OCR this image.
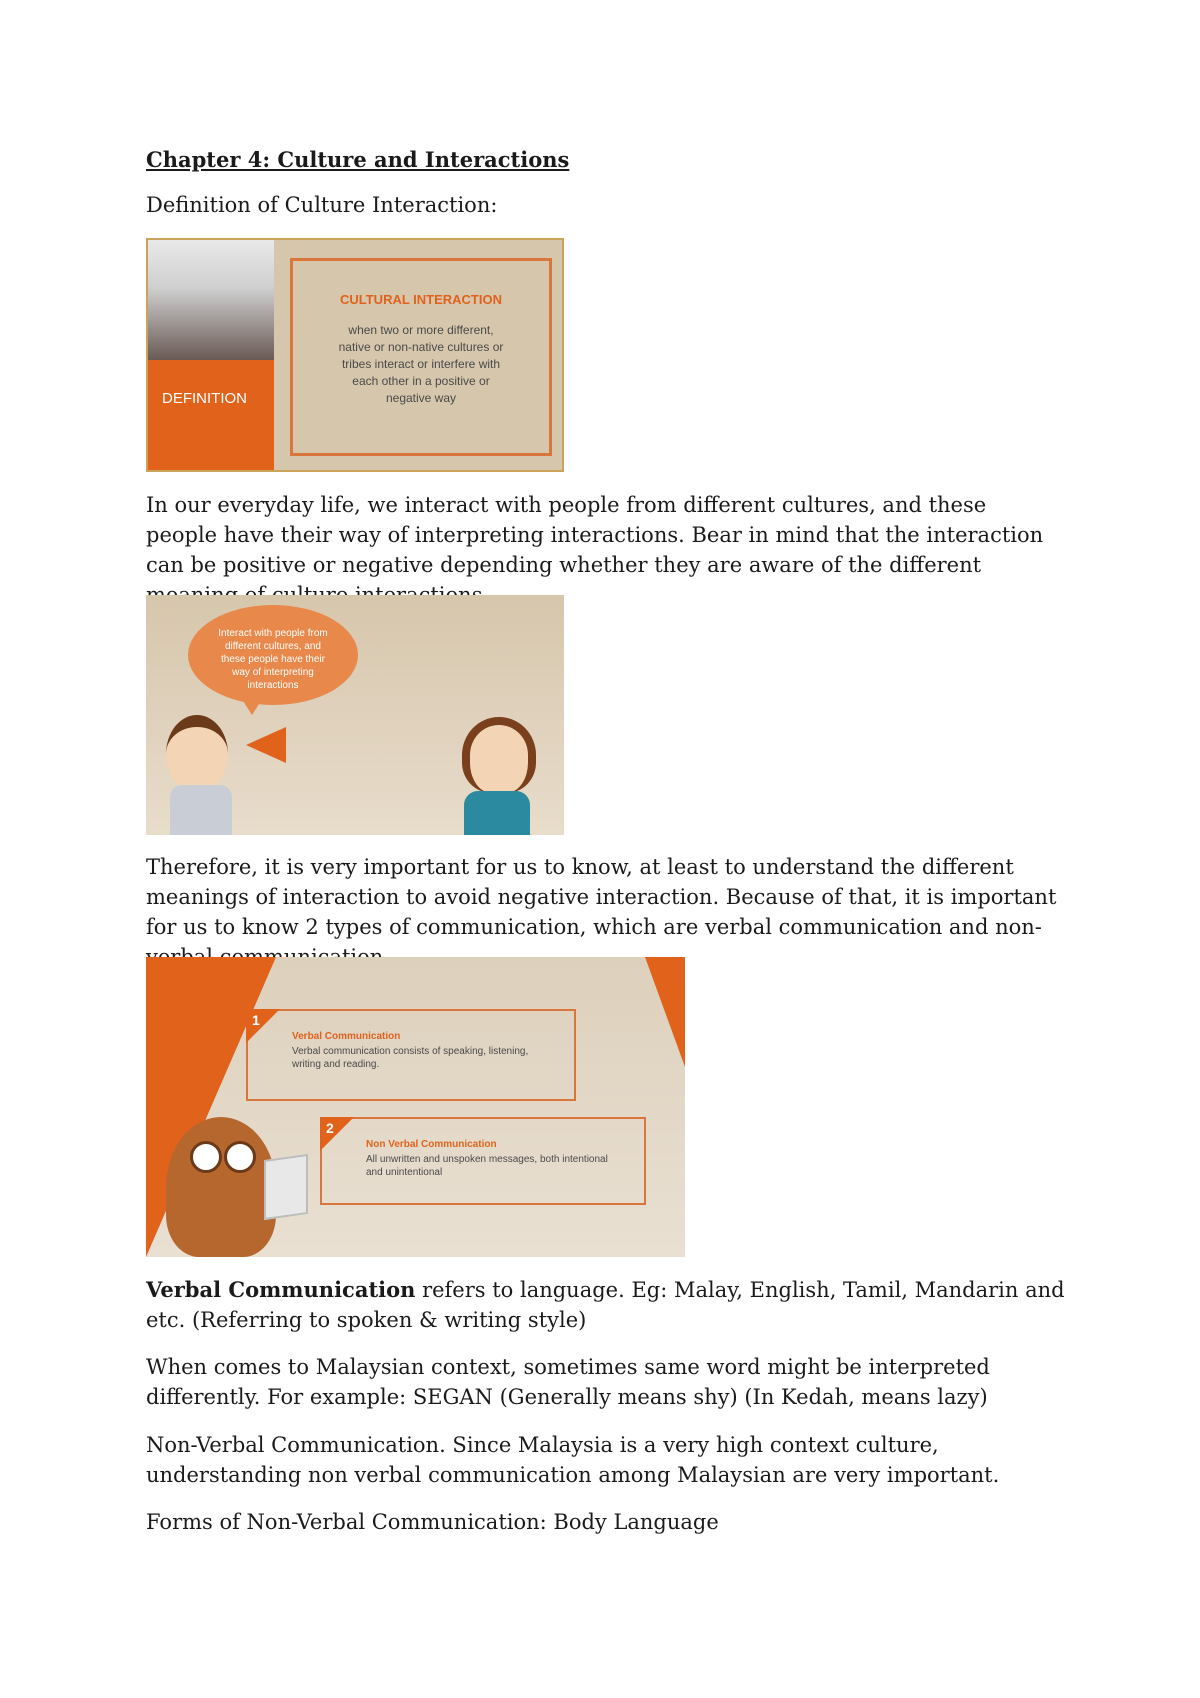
Chapter 4: Culture and Interactions

Definition of Culture Interaction:

DEFINITION
CULTURAL INTERACTION
when two or more different,
native or non-native cultures or
tribes interact or interfere with
each other in a positive or
negative way

In our everyday life, we interact with people from different cultures, and these people have their way of interpreting interactions. Bear in mind that the interaction can be positive or negative depending whether they are aware of the different

Interact with people from
different cultures, and
these people have their
way of interpreting
interactions

Therefore, it is very important for us to know, at least to understand the different meanings of interaction to avoid negative interaction. Because of that, it is important for us to know 2 types of communication, which are verbal communication and non-

1
Verbal Communication
Verbal communication consists of speaking, listening, writing and reading.
2
Non Verbal Communication
All unwritten and unspoken messages, both intentional and unintentional

Verbal Communication refers to language. Eg: Malay, English, Tamil, Mandarin and etc. (Referring to spoken & writing style)

When comes to Malaysian context, sometimes same word might be interpreted differently. For example: SEGAN (Generally means shy) (In Kedah, means lazy)

Non-Verbal Communication. Since Malaysia is a very high context culture, understanding non verbal communication among Malaysian are very important.

Forms of Non-Verbal Communication: Body Language
